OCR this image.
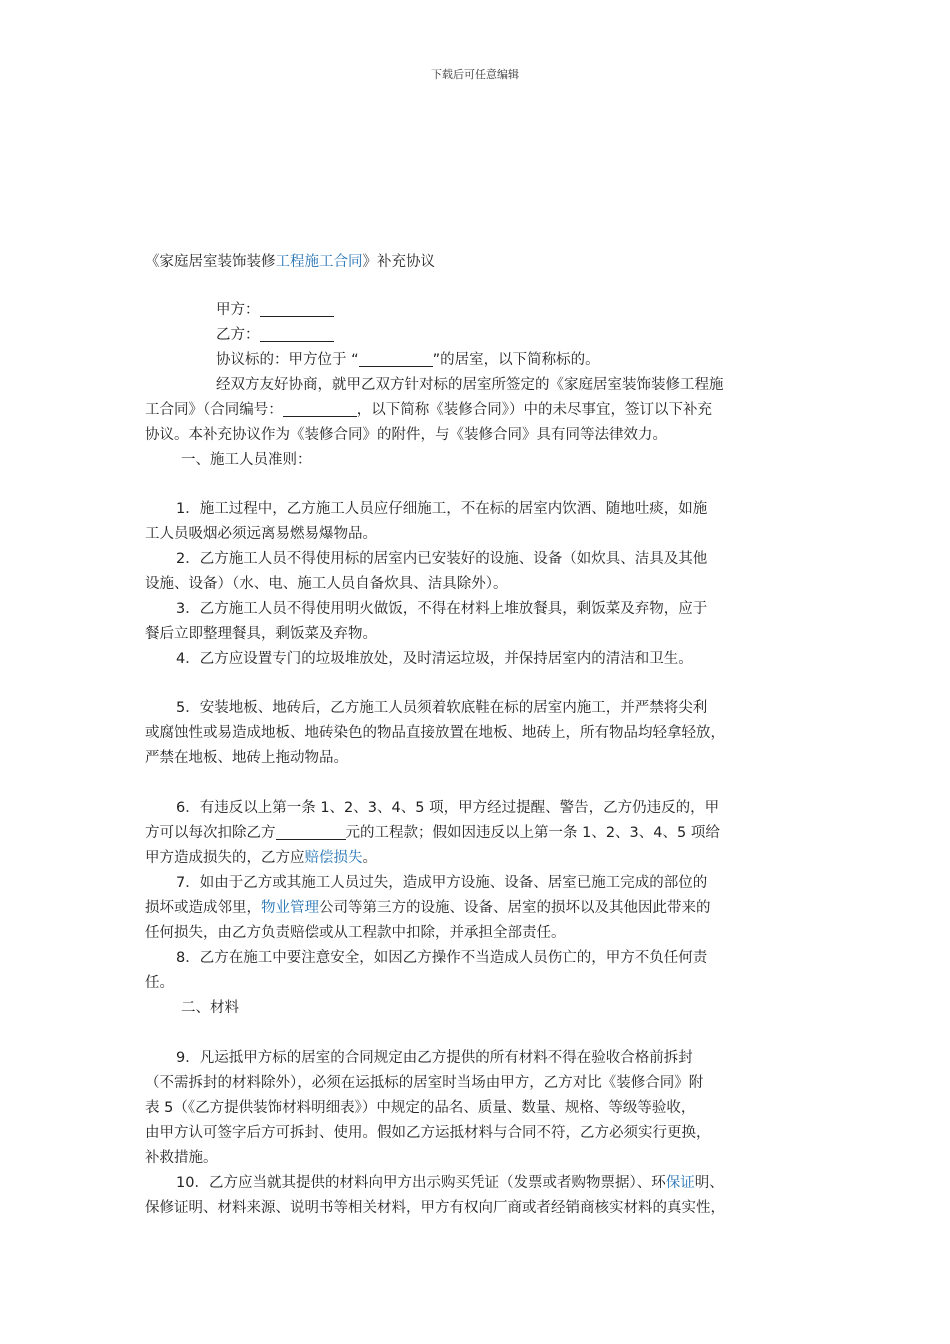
下载后可任意编辑
《家庭居室装饰装修工程施工合同》补充协议
甲方：
乙方：
协议标的：甲方位于 “	”的居室，以下简称标的。
经双方友好协商，就甲乙双方针对标的居室所签定的《家庭居室装饰装修工程施
工合同》（合同编号：	，以下简称《装修合同》）中的未尽事宜，签订以下补充
协议。本补充协议作为《装修合同》的附件，与《装修合同》具有同等法律效力。
一、施工人员准则：
1．施工过程中，乙方施工人员应仔细施工，不在标的居室内饮酒、随地吐痰，如施
工人员吸烟必须远离易燃易爆物品。
2．乙方施工人员不得使用标的居室内已安装好的设施、设备（如炊具、洁具及其他
设施、设备）（水、电、施工人员自备炊具、洁具除外）。
3．乙方施工人员不得使用明火做饭，不得在材料上堆放餐具，剩饭菜及弃物，应于
餐后立即整理餐具，剩饭菜及弃物。
4．乙方应设置专门的垃圾堆放处，及时清运垃圾，并保持居室内的清洁和卫生。
5．安装地板、地砖后，乙方施工人员须着软底鞋在标的居室内施工，并严禁将尖利
或腐蚀性或易造成地板、地砖染色的物品直接放置在地板、地砖上，所有物品均轻拿轻放，
严禁在地板、地砖上拖动物品。
6．有违反以上第一条 1、2、3、4、5 项，甲方经过提醒、警告，乙方仍违反的，甲
方可以每次扣除乙方	元的工程款；假如因违反以上第一条 1、2、3、4、5 项给
甲方造成损失的，乙方应赔偿损失。
7．如由于乙方或其施工人员过失，造成甲方设施、设备、居室已施工完成的部位的
损坏或造成邻里，物业管理公司等第三方的设施、设备、居室的损坏以及其他因此带来的
任何损失，由乙方负责赔偿或从工程款中扣除，并承担全部责任。
8．乙方在施工中要注意安全，如因乙方操作不当造成人员伤亡的，甲方不负任何责
任。
二、材料
9．凡运抵甲方标的居室的合同规定由乙方提供的所有材料不得在验收合格前拆封
（不需拆封的材料除外），必须在运抵标的居室时当场由甲方，乙方对比《装修合同》附
表 5（《乙方提供装饰材料明细表》）中规定的品名、质量、数量、规格、等级等验收，
由甲方认可签字后方可拆封、使用。假如乙方运抵材料与合同不符，乙方必须实行更换，
补救措施。
10．乙方应当就其提供的材料向甲方出示购买凭证（发票或者购物票据）、环保证明、
保修证明、材料来源、说明书等相关材料，甲方有权向厂商或者经销商核实材料的真实性，
